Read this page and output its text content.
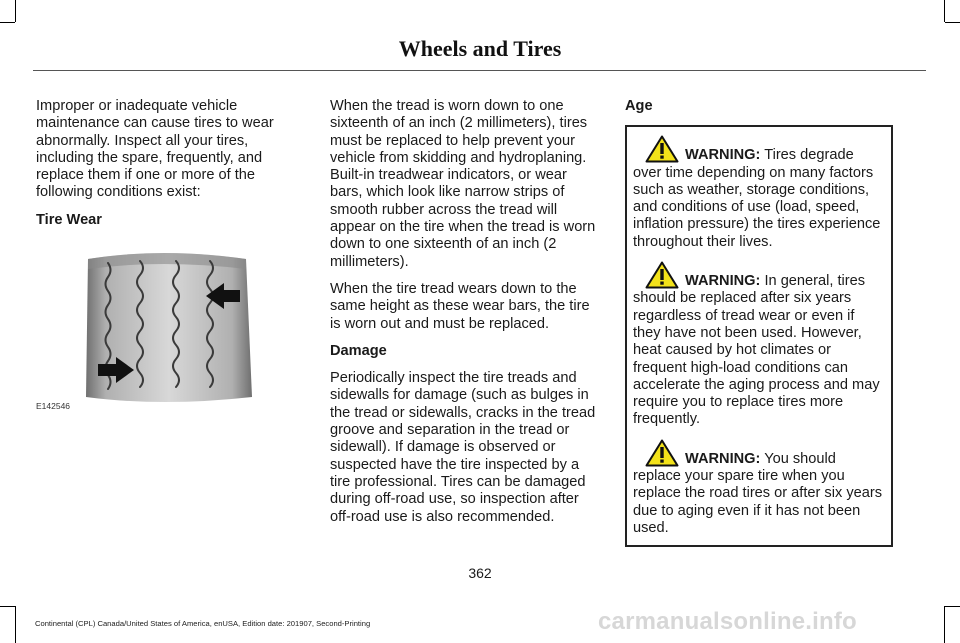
Wheels and Tires

Improper or inadequate vehicle maintenance can cause tires to wear abnormally. Inspect all your tires, including the spare, frequently, and replace them if one or more of the following conditions exist:

Tire Wear
E142546

When the tread is worn down to one sixteenth of an inch (2 millimeters), tires must be replaced to help prevent your vehicle from skidding and hydroplaning. Built-in treadwear indicators, or wear bars, which look like narrow strips of smooth rubber across the tread will appear on the tire when the tread is worn down to one sixteenth of an inch (2 millimeters).

When the tire tread wears down to the same height as these wear bars, the tire is worn out and must be replaced.

Damage

Periodically inspect the tire treads and sidewalls for damage (such as bulges in the tread or sidewalls, cracks in the tread groove and separation in the tread or sidewall). If damage is observed or suspected have the tire inspected by a tire professional. Tires can be damaged during off-road use, so inspection after off-road use is also recommended.

Age

WARNING: Tires degrade over time depending on many factors such as weather, storage conditions, and conditions of use (load, speed, inflation pressure) the tires experience throughout their lives.

WARNING: In general, tires should be replaced after six years regardless of tread wear or even if they have not been used. However, heat caused by hot climates or frequent high-load conditions can accelerate the aging process and may require you to replace tires more frequently.

WARNING: You should replace your spare tire when you replace the road tires or after six years due to aging even if it has not been used.

362
Continental (CPL) Canada/United States of America, enUSA, Edition date: 201907, Second-Printing	carmanualsonline.info
